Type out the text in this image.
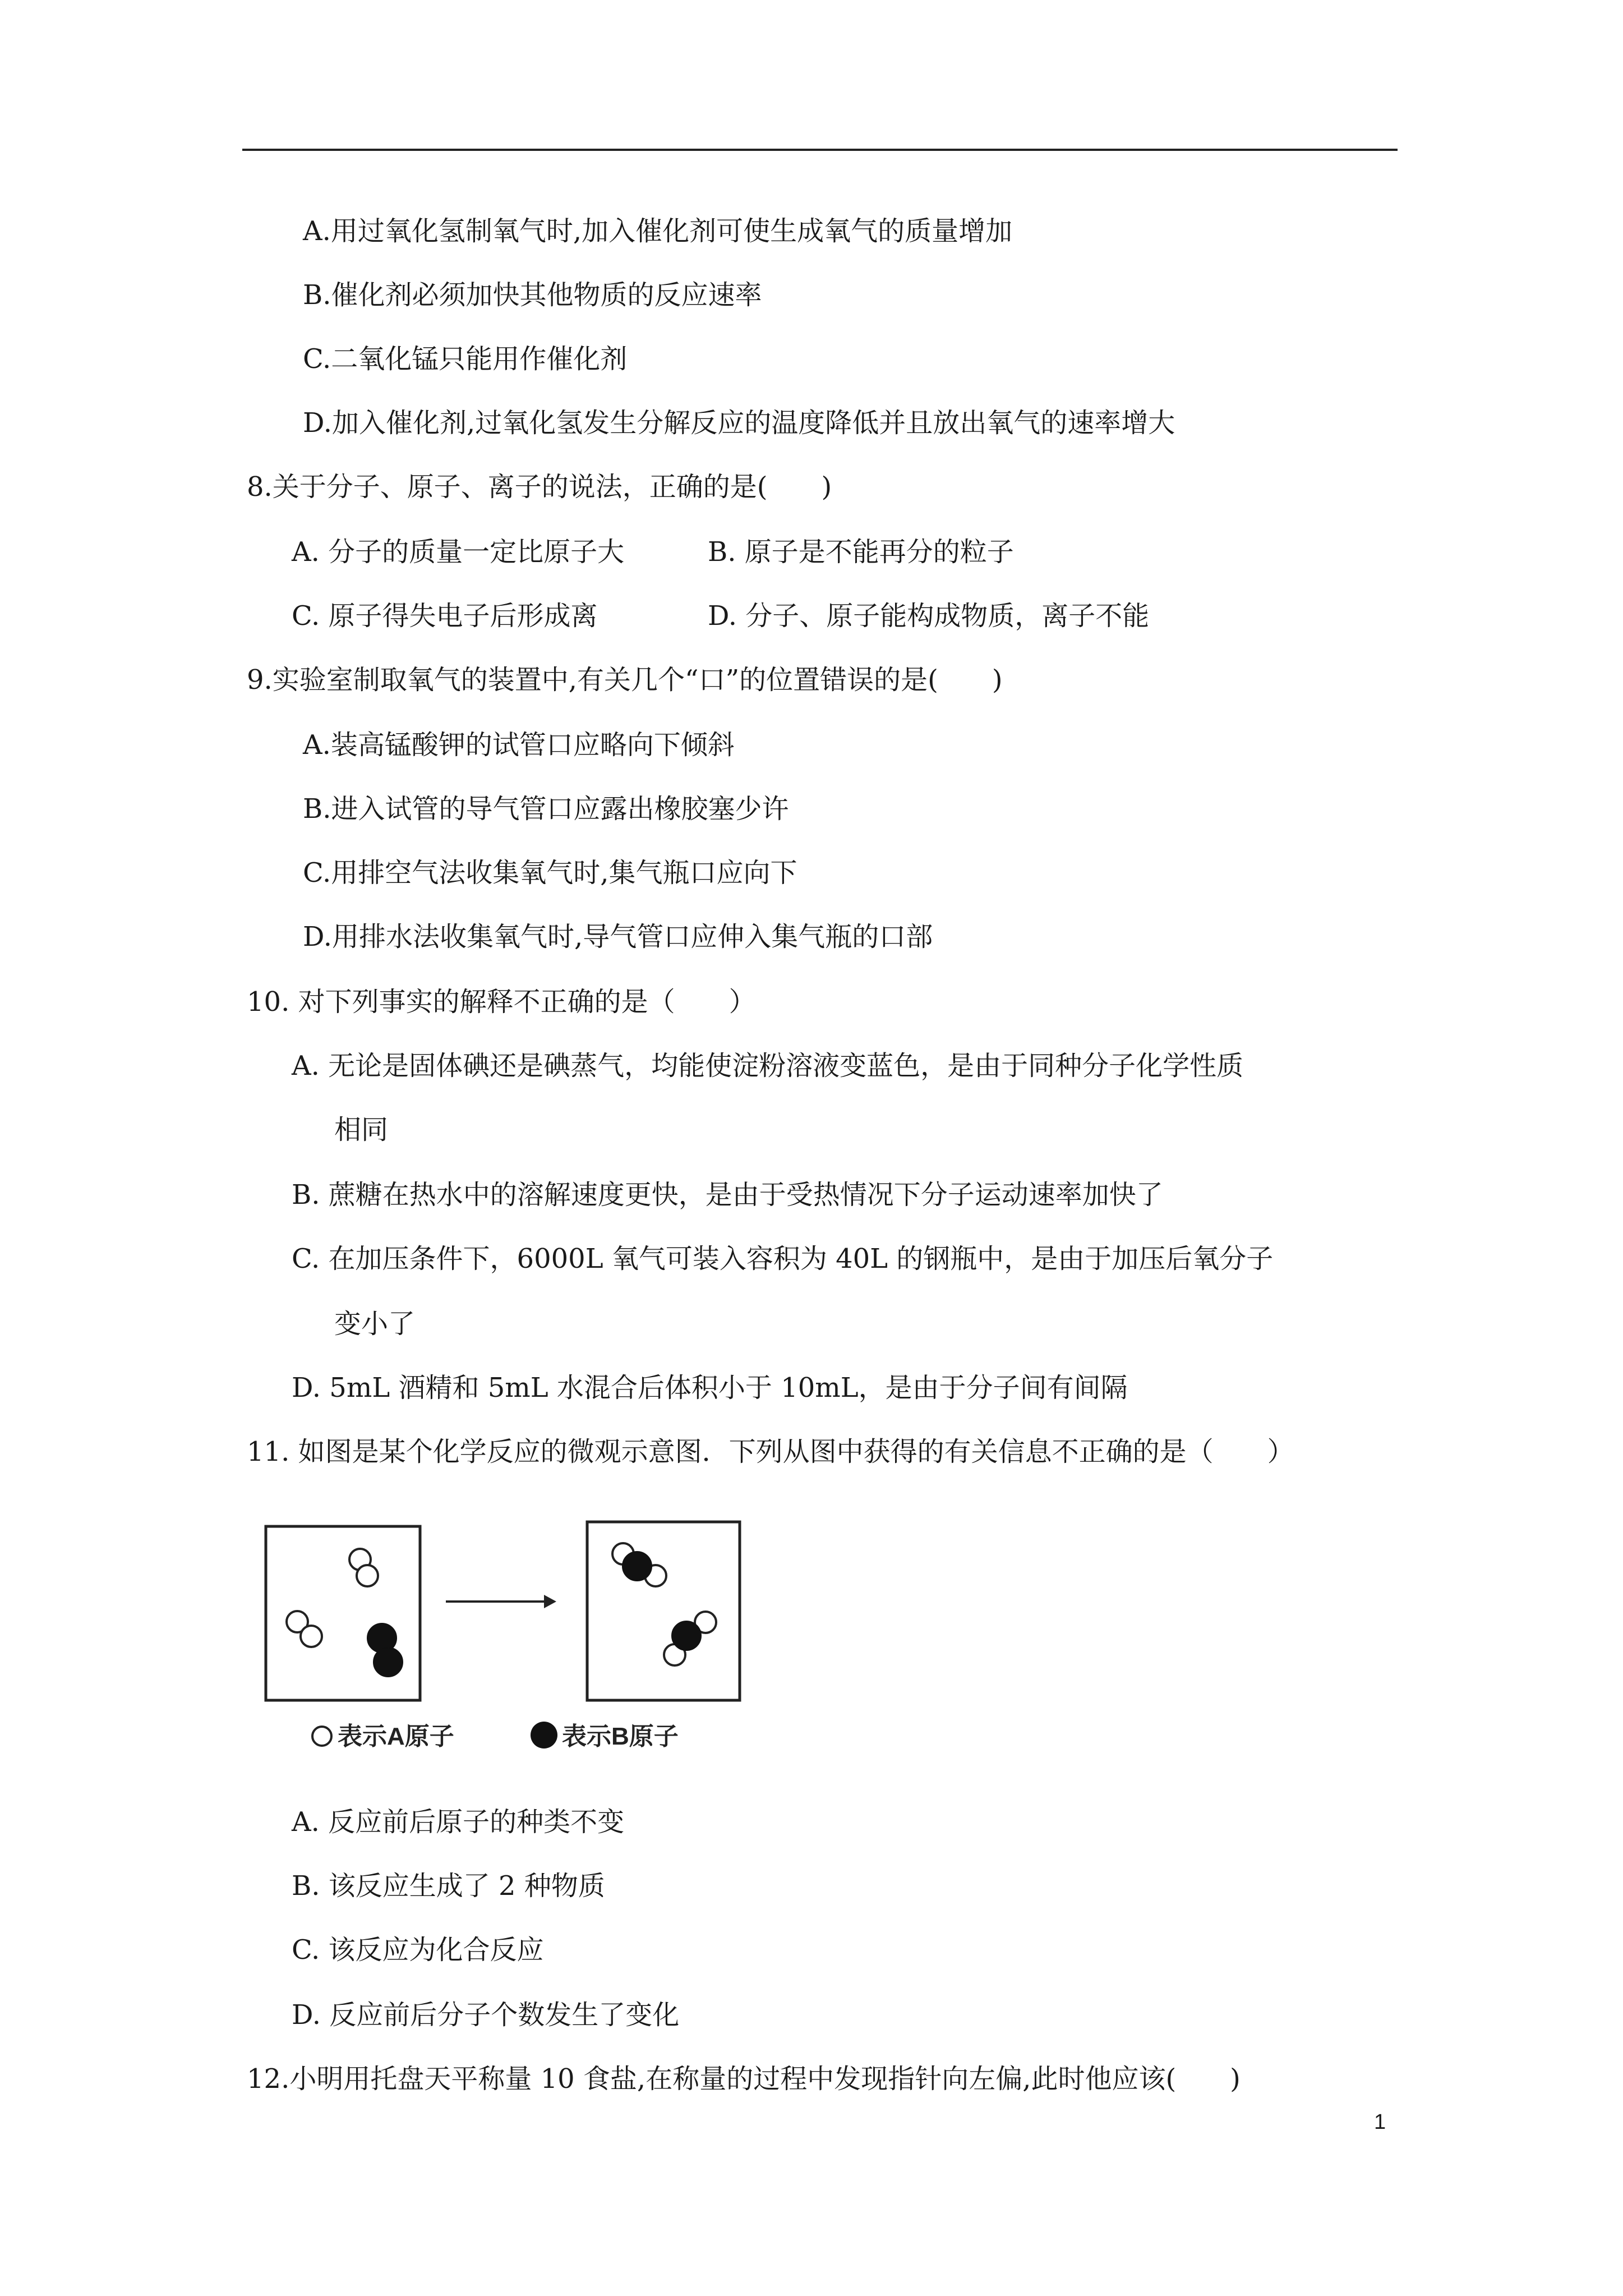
A.用过氧化氢制氧气时,加入催化剂可使生成氧气的质量增加
B.催化剂必须加快其他物质的反应速率
C.二氧化锰只能用作催化剂
D.加入催化剂,过氧化氢发生分解反应的温度降低并且放出氧气的速率增大
8.关于分子、原子、离子的说法，正确的是(　　)
A. 分子的质量一定比原子大	B. 原子是不能再分的粒子
C. 原子得失电子后形成离	D. 分子、原子能构成物质，离子不能
9.实验室制取氧气的装置中,有关几个“口”的位置错误的是(　　)
A.装高锰酸钾的试管口应略向下倾斜
B.进入试管的导气管口应露出橡胶塞少许
C.用排空气法收集氧气时,集气瓶口应向下
D.用排水法收集氧气时,导气管口应伸入集气瓶的口部
10. 对下列事实的解释不正确的是（　　）
A. 无论是固体碘还是碘蒸气，均能使淀粉溶液变蓝色，是由于同种分子化学性质
相同
B. 蔗糖在热水中的溶解速度更快，是由于受热情况下分子运动速率加快了
C. 在加压条件下，6000L 氧气可装入容积为 40L 的钢瓶中，是由于加压后氧分子
变小了
D. 5mL 酒精和 5mL 水混合后体积小于 10mL，是由于分子间有间隔
11. 如图是某个化学反应的微观示意图．下列从图中获得的有关信息不正确的是（　　）
表示A原子	表示B原子
A. 反应前后原子的种类不变
B. 该反应生成了 2 种物质
C. 该反应为化合反应
D. 反应前后分子个数发生了变化
12.小明用托盘天平称量 10 食盐,在称量的过程中发现指针向左偏,此时他应该(　　)
1
